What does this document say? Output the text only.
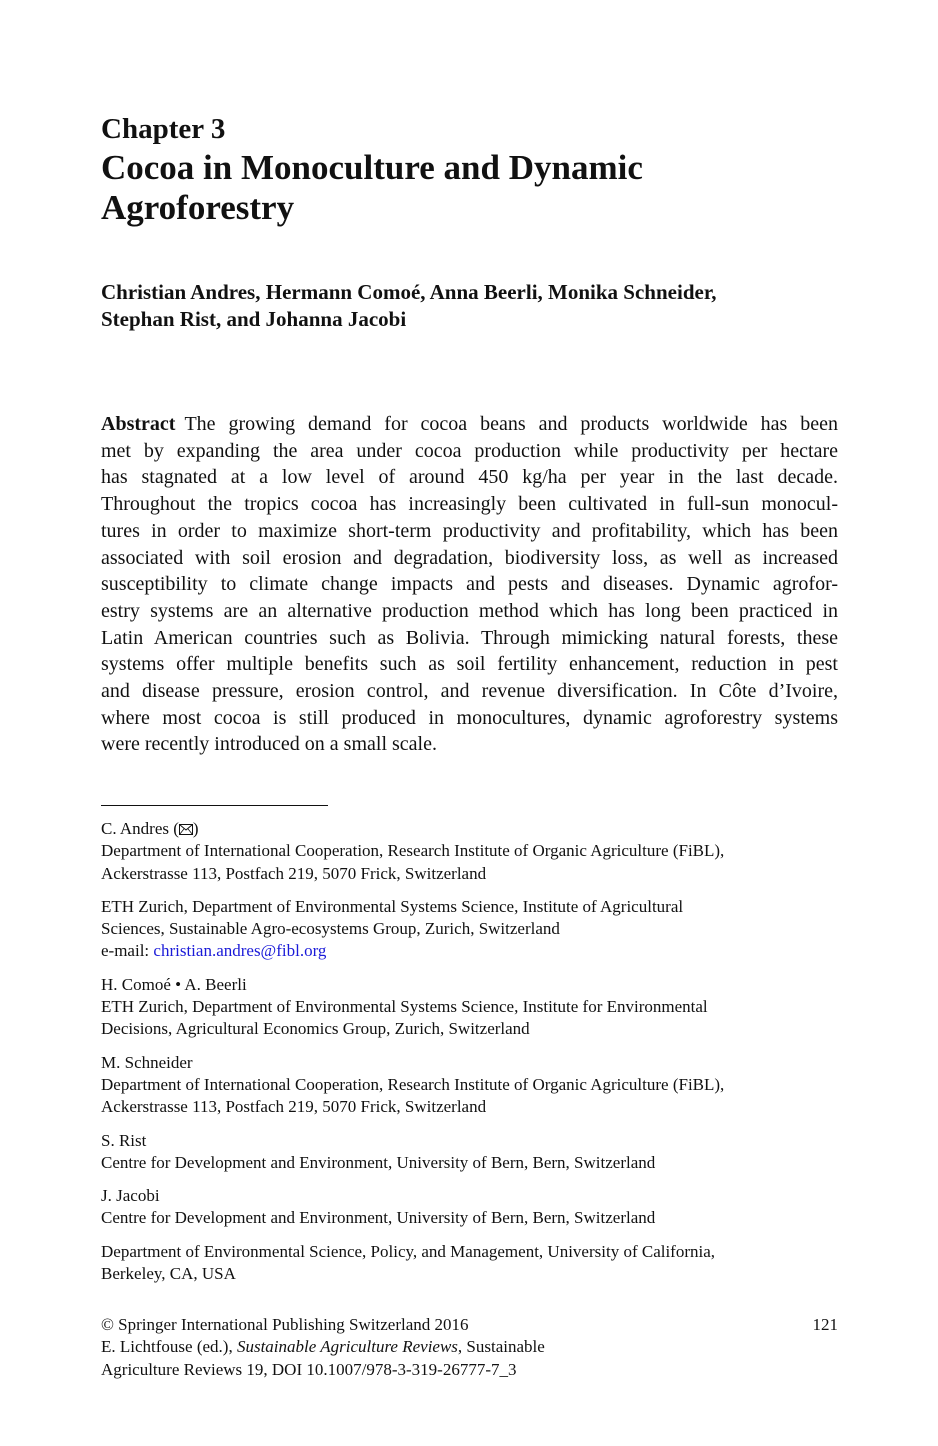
Chapter 3
Cocoa in Monoculture and Dynamic
Agroforestry
Christian Andres, Hermann Comoé, Anna Beerli, Monika Schneider,
Stephan Rist, and Johanna Jacobi
Abstract The growing demand for cocoa beans and products worldwide has been
met by expanding the area under cocoa production while productivity per hectare
has stagnated at a low level of around 450 kg/ha per year in the last decade.
Throughout the tropics cocoa has increasingly been cultivated in full-sun monocul-
tures in order to maximize short-term productivity and profitability, which has been
associated with soil erosion and degradation, biodiversity loss, as well as increased
susceptibility to climate change impacts and pests and diseases. Dynamic agrofor-
estry systems are an alternative production method which has long been practiced in
Latin American countries such as Bolivia. Through mimicking natural forests, these
systems offer multiple benefits such as soil fertility enhancement, reduction in pest
and disease pressure, erosion control, and revenue diversification. In Côte d’Ivoire,
where most cocoa is still produced in monocultures, dynamic agroforestry systems
were recently introduced on a small scale.
C. Andres ( )
Department of International Cooperation, Research Institute of Organic Agriculture (FiBL),
Ackerstrasse 113, Postfach 219, 5070 Frick, Switzerland
ETH Zurich, Department of Environmental Systems Science, Institute of Agricultural
Sciences, Sustainable Agro-ecosystems Group, Zurich, Switzerland
e-mail: christian.andres@fibl.org
H. Comoé • A. Beerli
ETH Zurich, Department of Environmental Systems Science, Institute for Environmental
Decisions, Agricultural Economics Group, Zurich, Switzerland
M. Schneider
Department of International Cooperation, Research Institute of Organic Agriculture (FiBL),
Ackerstrasse 113, Postfach 219, 5070 Frick, Switzerland
S. Rist
Centre for Development and Environment, University of Bern, Bern, Switzerland
J. Jacobi
Centre for Development and Environment, University of Bern, Bern, Switzerland
Department of Environmental Science, Policy, and Management, University of California,
Berkeley, CA, USA
© Springer International Publishing Switzerland 2016
E. Lichtfouse (ed.), Sustainable Agriculture Reviews, Sustainable
Agriculture Reviews 19, DOI 10.1007/978-3-319-26777-7_3
121
